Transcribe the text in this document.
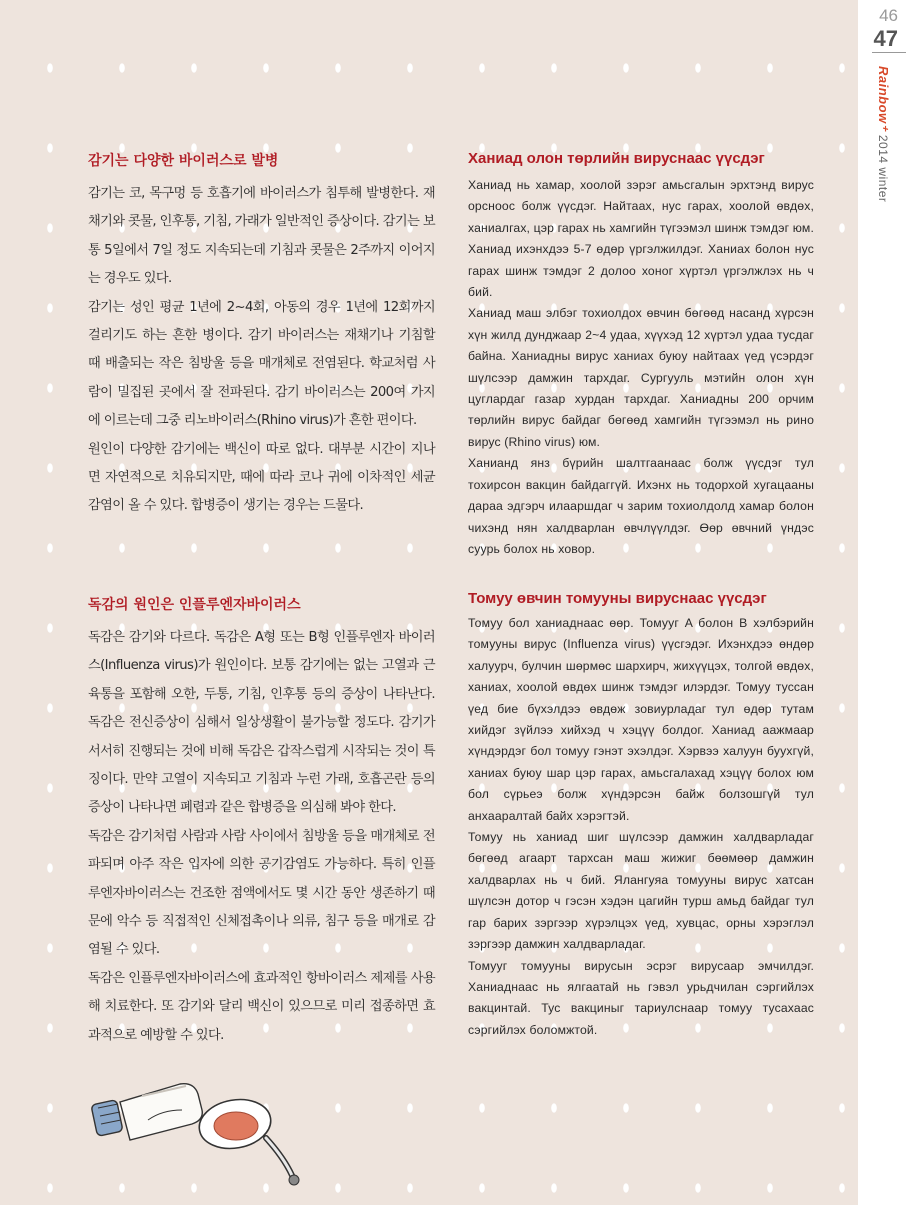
46
47
Rainbow⁺ 2014 winter
감기는 다양한 바이러스로 발병

감기는 코, 목구멍 등 호흡기에 바이러스가 침투해 발병한다. 재채기와 콧물, 인후통, 기침, 가래가 일반적인 증상이다. 감기는 보통 5일에서 7일 정도 지속되는데 기침과 콧물은 2주까지 이어지는 경우도 있다.

감기는 성인 평균 1년에 2~4회, 아동의 경우 1년에 12회까지 걸리기도 하는 흔한 병이다. 감기 바이러스는 재채기나 기침할 때 배출되는 작은 침방울 등을 매개체로 전염된다. 학교처럼 사람이 밀집된 곳에서 잘 전파된다. 감기 바이러스는 200여 가지에 이르는데 그중 리노바이러스(Rhino virus)가 흔한 편이다.

원인이 다양한 감기에는 백신이 따로 없다. 대부분 시간이 지나면 자연적으로 치유되지만, 때에 따라 코나 귀에 이차적인 세균 감염이 올 수 있다. 합병증이 생기는 경우는 드물다.

독감의 원인은 인플루엔자바이러스

독감은 감기와 다르다. 독감은 A형 또는 B형 인플루엔자 바이러스(Influenza virus)가 원인이다. 보통 감기에는 없는 고열과 근육통을 포함해 오한, 두통, 기침, 인후통 등의 증상이 나타난다. 독감은 전신증상이 심해서 일상생활이 불가능할 정도다. 감기가 서서히 진행되는 것에 비해 독감은 갑작스럽게 시작되는 것이 특징이다. 만약 고열이 지속되고 기침과 누런 가래, 호흡곤란 등의 증상이 나타나면 폐렴과 같은 합병증을 의심해 봐야 한다.

독감은 감기처럼 사람과 사람 사이에서 침방울 등을 매개체로 전파되며 아주 작은 입자에 의한 공기감염도 가능하다. 특히 인플루엔자바이러스는 건조한 점액에서도 몇 시간 동안 생존하기 때문에 악수 등 직접적인 신체접촉이나 의류, 침구 등을 매개로 감염될 수 있다.

독감은 인플루엔자바이러스에 효과적인 항바이러스 제제를 사용해 치료한다. 또 감기와 달리 백신이 있으므로 미리 접종하면 효과적으로 예방할 수 있다.

Ханиад олон төрлийн вируснаас үүсдэг

Ханиад нь хамар, хоолой зэрэг амьсгалын эрхтэнд вирус орсноос болж үүсдэг. Найтаах, нус гарах, хоолой өвдөх, ханиалгах, цэр гарах нь хамгийн түгээмэл шинж тэмдэг юм. Ханиад ихэнхдээ 5-7 өдөр үргэлжилдэг. Ханиах болон нус гарах шинж тэмдэг 2 долоо хоног хүртэл үргэлжлэх нь ч бий.

Ханиад маш элбэг тохиолдох өвчин бөгөөд насанд хүрсэн хүн жилд дунджаар 2~4 удаа, хүүхэд 12 хүртэл удаа тусдаг байна. Ханиадны вирус ханиах буюу найтаах үед үсэрдэг шүлсээр дамжин тархдаг. Сургууль мэтийн олон хүн цуглардаг газар хурдан тархдаг. Ханиадны 200 орчим төрлийн вирус байдаг бөгөөд хамгийн түгээмэл нь рино вирус (Rhino virus) юм.

Ханианд янз бүрийн шалтгаанаас болж үүсдэг тул тохирсон вакцин байдаггүй. Ихэнх нь тодорхой хугацааны дараа эдгэрч илааршдаг ч зарим тохиолдолд хамар болон чихэнд нян халдварлан өвчлүүлдэг. Өөр өвчний үндэс суурь болох нь ховор.

Томуу өвчин томууны вируснаас үүсдэг

Томуу бол ханиаднаас өөр. Томууг A болон B хэлбэрийн томууны вирус (Influenza virus) үүсгэдэг. Ихэнхдээ өндөр халуурч, булчин шөрмөс шархирч, жихүүцэх, толгой өвдөх, ханиах, хоолой өвдөх шинж тэмдэг илэрдэг. Томуу туссан үед бие бүхэлдээ өвдөж зовиурладаг тул өдөр тутам хийдэг зүйлээ хийхэд ч хэцүү болдог. Ханиад аажмаар хүндэрдэг бол томуу гэнэт эхэлдэг. Хэрвээ халуун буухгүй, ханиах буюу шар цэр гарах, амьсгалахад хэцүү болох юм бол сүрьеэ болж хүндэрсэн байж болзошгүй тул анхааралтай байх хэрэгтэй.

Томуу нь ханиад шиг шүлсээр дамжин халдварладаг бөгөөд агаарт тархсан маш жижиг бөөмөөр дамжин халдварлах нь ч бий. Ялангуяа томууны вирус хатсан шүлсэн дотор ч гэсэн хэдэн цагийн турш амьд байдаг тул гар барих зэргээр хүрэлцэх үед, хувцас, орны хэрэглэл зэргээр дамжин халдварладаг.

Томууг томууны вирусын эсрэг вирусаар эмчилдэг. Ханиаднаас нь ялгаатай нь гэвэл урьдчилан сэргийлэх вакцинтай. Тус вакциныг тариулснаар томуу тусахаас сэргийлэх боломжтой.
